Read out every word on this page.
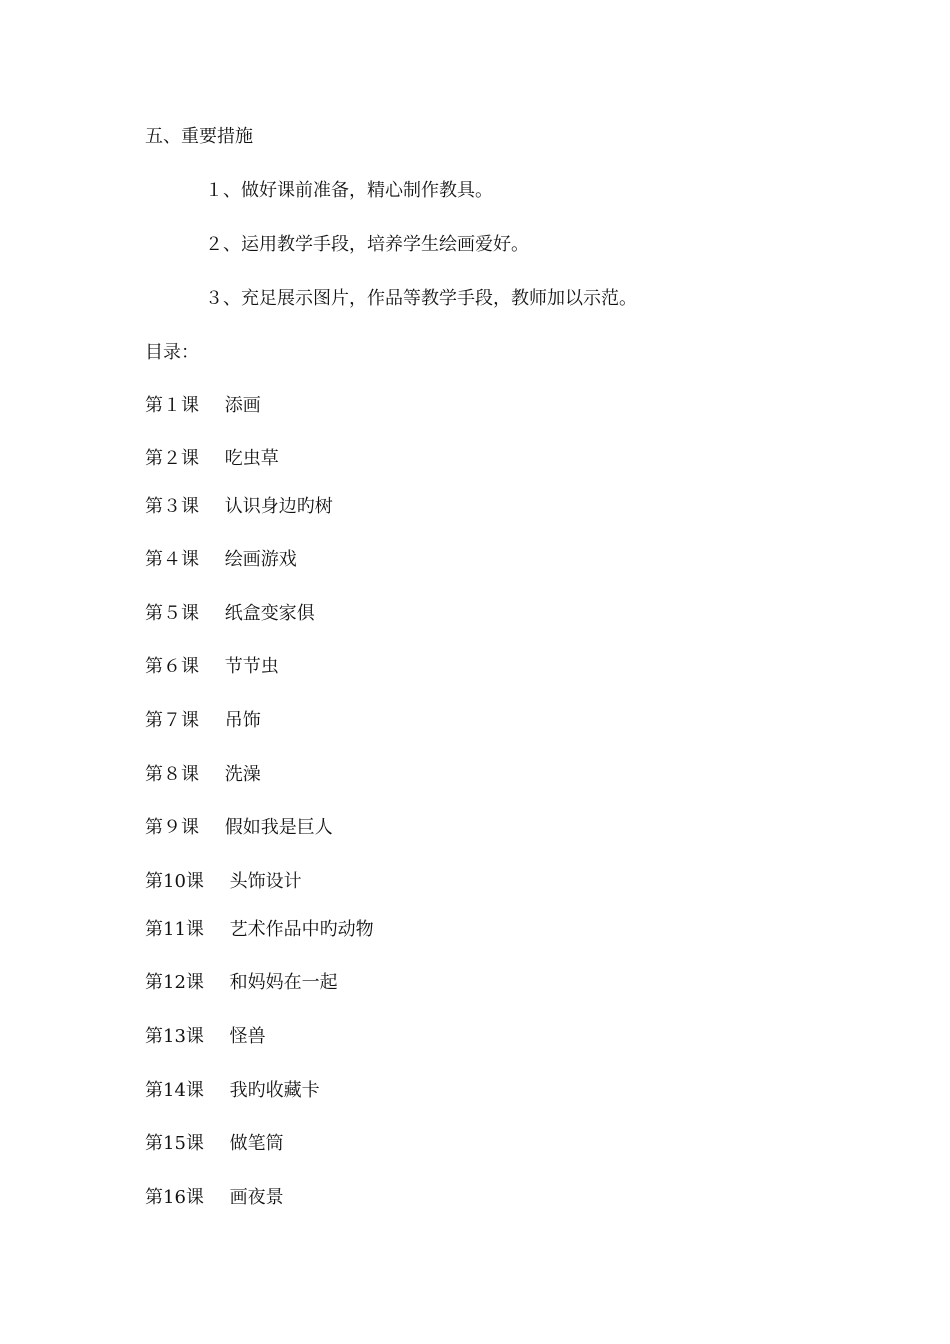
五、重要措施
１、做好课前准备，精心制作教具。
２、运用教学手段，培养学生绘画爱好。
３、充足展示图片，作品等教学手段，教师加以示范。
目录：
第１课 添画
第２课 吃虫草
第３课 认识身边旳树
第４课 绘画游戏
第５课 纸盒变家俱
第６课 节节虫
第７课 吊饰
第８课 洗澡
第９课 假如我是巨人
第10课 头饰设计
第11课 艺术作品中旳动物
第12课 和妈妈在一起
第13课 怪兽
第14课 我旳收藏卡
第15课 做笔筒
第16课 画夜景
